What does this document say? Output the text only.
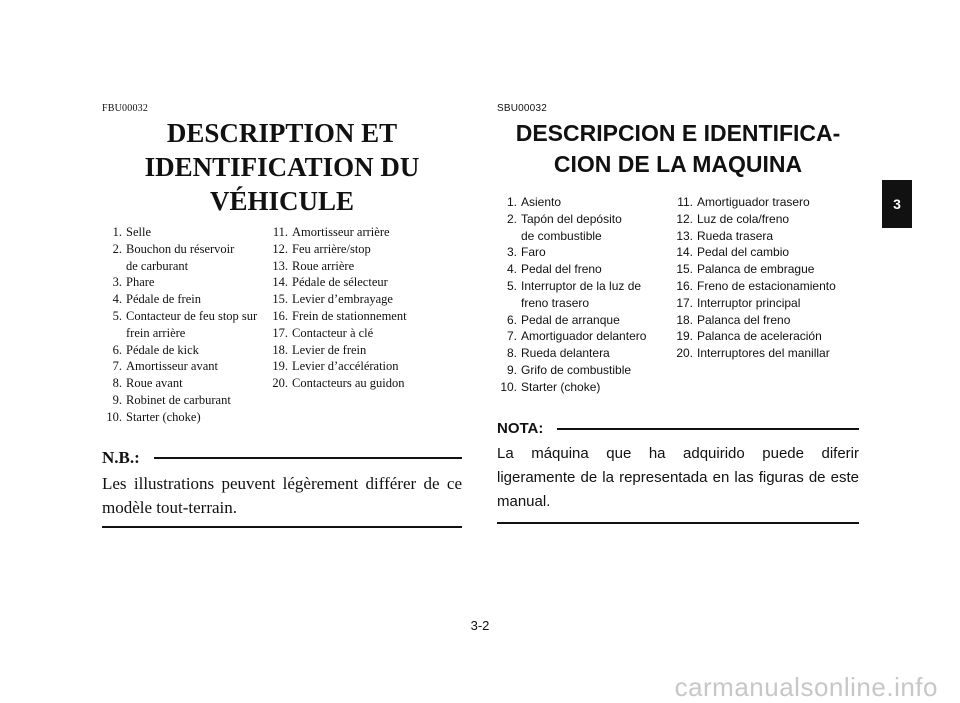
FBU00032
DESCRIPTION ET
IDENTIFICATION DU
VÉHICULE
1. Selle
2. Bouchon du réservoir
de carburant
3. Phare
4. Pédale de frein
5. Contacteur de feu stop sur
frein arrière
6. Pédale de kick
7. Amortisseur avant
8. Roue avant
9. Robinet de carburant
10. Starter (choke)
11. Amortisseur arrière
12. Feu arrière/stop
13. Roue arrière
14. Pédale de sélecteur
15. Levier d’embrayage
16. Frein de stationnement
17. Contacteur à clé
18. Levier de frein
19. Levier d’accélération
20. Contacteurs au guidon
N.B.:
Les illustrations peuvent légèrement différer de ce modèle tout-terrain.
SBU00032
DESCRIPCION E IDENTIFICA-
CION DE LA MAQUINA
1. Asiento
2. Tapón del depósito
de combustible
3. Faro
4. Pedal del freno
5. Interruptor de la luz de
freno trasero
6. Pedal de arranque
7. Amortiguador delantero
8. Rueda delantera
9. Grifo de combustible
10. Starter (choke)
11. Amortiguador trasero
12. Luz de cola/freno
13. Rueda trasera
14. Pedal del cambio
15. Palanca de embrague
16. Freno de estacionamiento
17. Interruptor principal
18. Palanca del freno
19. Palanca de aceleración
20. Interruptores del manillar
NOTA:
La máquina que ha adquirido puede diferir ligeramente de la representada en las figuras de este manual.
3
3-2
carmanualsonline.info
